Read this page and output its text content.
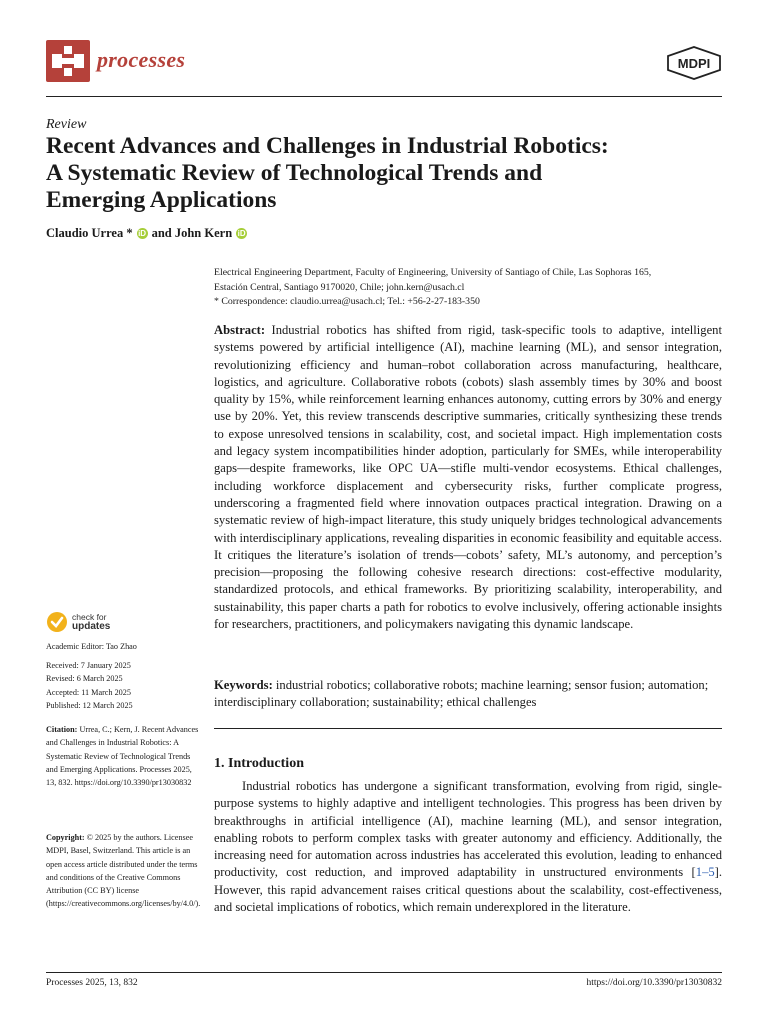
processes	MDPI
Review
Recent Advances and Challenges in Industrial Robotics:
A Systematic Review of Technological Trends and
Emerging Applications
Claudio Urrea * iD and John Kern iD
Electrical Engineering Department, Faculty of Engineering, University of Santiago of Chile, Las Sophoras 165,
Estación Central, Santiago 9170020, Chile; john.kern@usach.cl
* Correspondence: claudio.urrea@usach.cl; Tel.: +56-2-27-183-350

Abstract: Industrial robotics has shifted from rigid, task-specific tools to adaptive, intelligent systems powered by artificial intelligence (AI), machine learning (ML), and sensor integration, revolutionizing efficiency and human–robot collaboration across manufacturing, healthcare, logistics, and agriculture. Collaborative robots (cobots) slash assembly times by 30% and boost quality by 15%, while reinforcement learning enhances autonomy, cutting errors by 30% and energy use by 20%. Yet, this review transcends descriptive summaries, critically synthesizing these trends to expose unresolved tensions in scalability, cost, and societal impact. High implementation costs and legacy system incompatibilities hinder adoption, particularly for SMEs, while interoperability gaps—despite frameworks, like OPC UA—stifle multi-vendor ecosystems. Ethical challenges, including workforce displacement and cybersecurity risks, further complicate progress, underscoring a fragmented field where innovation outpaces practical integration. Drawing on a systematic review of high-impact literature, this study uniquely bridges technological advancements with interdisciplinary applications, revealing disparities in economic feasibility and equitable access. It critiques the literature’s isolation of trends—cobots’ safety, ML’s autonomy, and perception’s precision—proposing the following cohesive research directions: cost-effective modularity, standardized protocols, and ethical frameworks. By prioritizing scalability, interoperability, and sustainability, this paper charts a path for robotics to evolve inclusively, offering actionable insights for researchers, practitioners, and policymakers navigating this dynamic landscape.

Keywords: industrial robotics; collaborative robots; machine learning; sensor fusion; automation; interdisciplinary collaboration; sustainability; ethical challenges

1. Introduction

Industrial robotics has undergone a significant transformation, evolving from rigid, single-purpose systems to highly adaptive and intelligent technologies. This progress has been driven by breakthroughs in artificial intelligence (AI), machine learning (ML), and sensor integration, enabling robots to perform complex tasks with greater autonomy and efficiency. Additionally, the increasing need for automation across industries has accelerated this evolution, leading to enhanced productivity, cost reduction, and improved adaptability in unstructured environments [1–5]. However, this rapid advancement raises critical questions about the scalability, cost-effectiveness, and societal implications of robotics, which remain underexplored in the literature.

check for
updates
Academic Editor: Tao Zhao

Received: 7 January 2025

Revised: 6 March 2025

Accepted: 11 March 2025

Published: 12 March 2025

Citation: Urrea, C.; Kern, J. Recent Advances and Challenges in Industrial Robotics: A Systematic Review of Technological Trends and Emerging Applications. Processes 2025, 13, 832. https://doi.org/10.3390/pr13030832

Copyright: © 2025 by the authors. Licensee MDPI, Basel, Switzerland. This article is an open access article distributed under the terms and conditions of the Creative Commons Attribution (CC BY) license (https://creativecommons.org/licenses/by/4.0/).

Processes 2025, 13, 832	https://doi.org/10.3390/pr13030832
